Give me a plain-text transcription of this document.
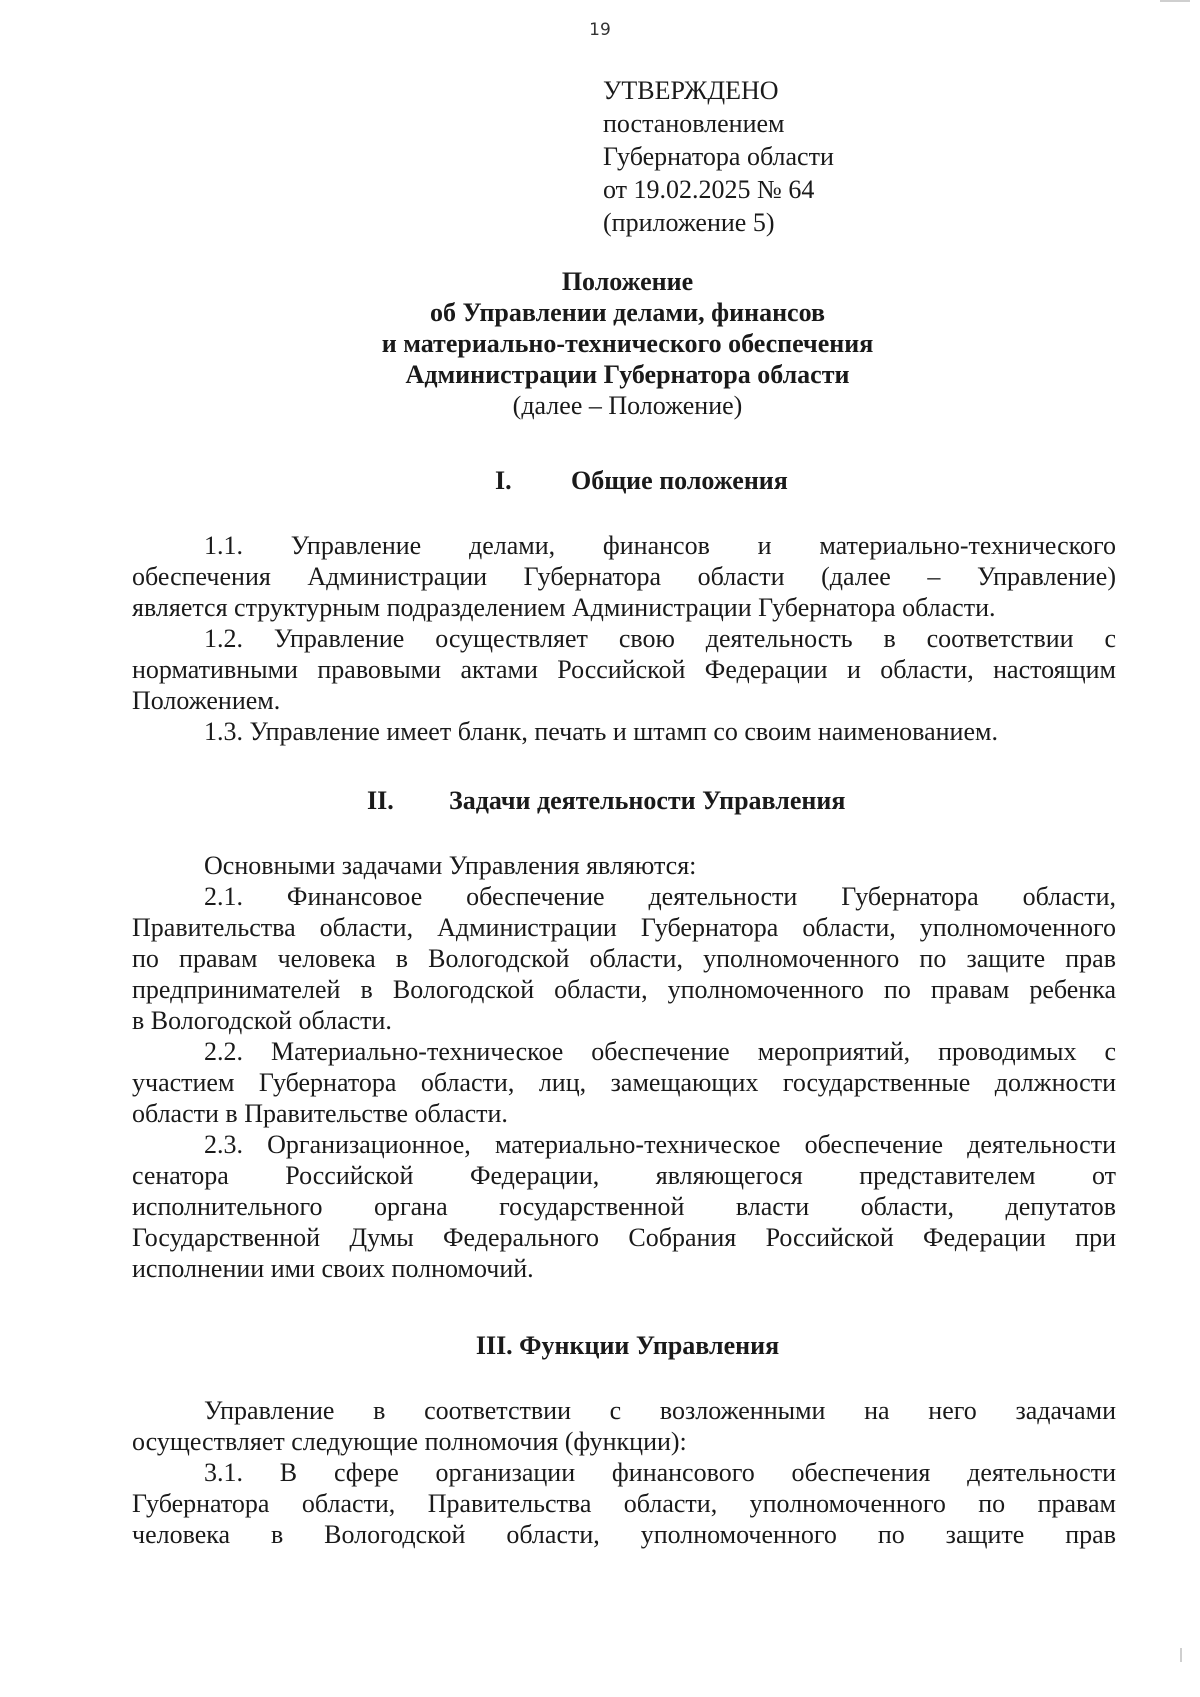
19
УТВЕРЖДЕНО
постановлением
Губернатора области
от 19.02.2025 № 64
(приложение 5)
Положение
об Управлении делами, финансов
и материально-технического обеспечения
Администрации Губернатора области
(далее – Положение)
I. Общие положения
1.1. Управление делами, финансов и материально-технического
обеспечения Администрации Губернатора области (далее – Управление)
является структурным подразделением Администрации Губернатора области.
1.2. Управление осуществляет свою деятельность в соответствии с
нормативными правовыми актами Российской Федерации и области, настоящим
Положением.
1.3. Управление имеет бланк, печать и штамп со своим наименованием.
II. Задачи деятельности Управления
Основными задачами Управления являются:
2.1. Финансовое обеспечение деятельности Губернатора области,
Правительства области, Администрации Губернатора области, уполномоченного
по правам человека в Вологодской области, уполномоченного по защите прав
предпринимателей в Вологодской области, уполномоченного по правам ребенка
в Вологодской области.
2.2. Материально-техническое обеспечение мероприятий, проводимых с
участием Губернатора области, лиц, замещающих государственные должности
области в Правительстве области.
2.3. Организационное, материально-техническое обеспечение деятельности
сенатора Российской Федерации, являющегося представителем от
исполнительного органа государственной власти области, депутатов
Государственной Думы Федерального Собрания Российской Федерации при
исполнении ими своих полномочий.
III. Функции Управления
Управление в соответствии с возложенными на него задачами
осуществляет следующие полномочия (функции):
3.1. В сфере организации финансового обеспечения деятельности
Губернатора области, Правительства области, уполномоченного по правам
человека в Вологодской области, уполномоченного по защите прав
